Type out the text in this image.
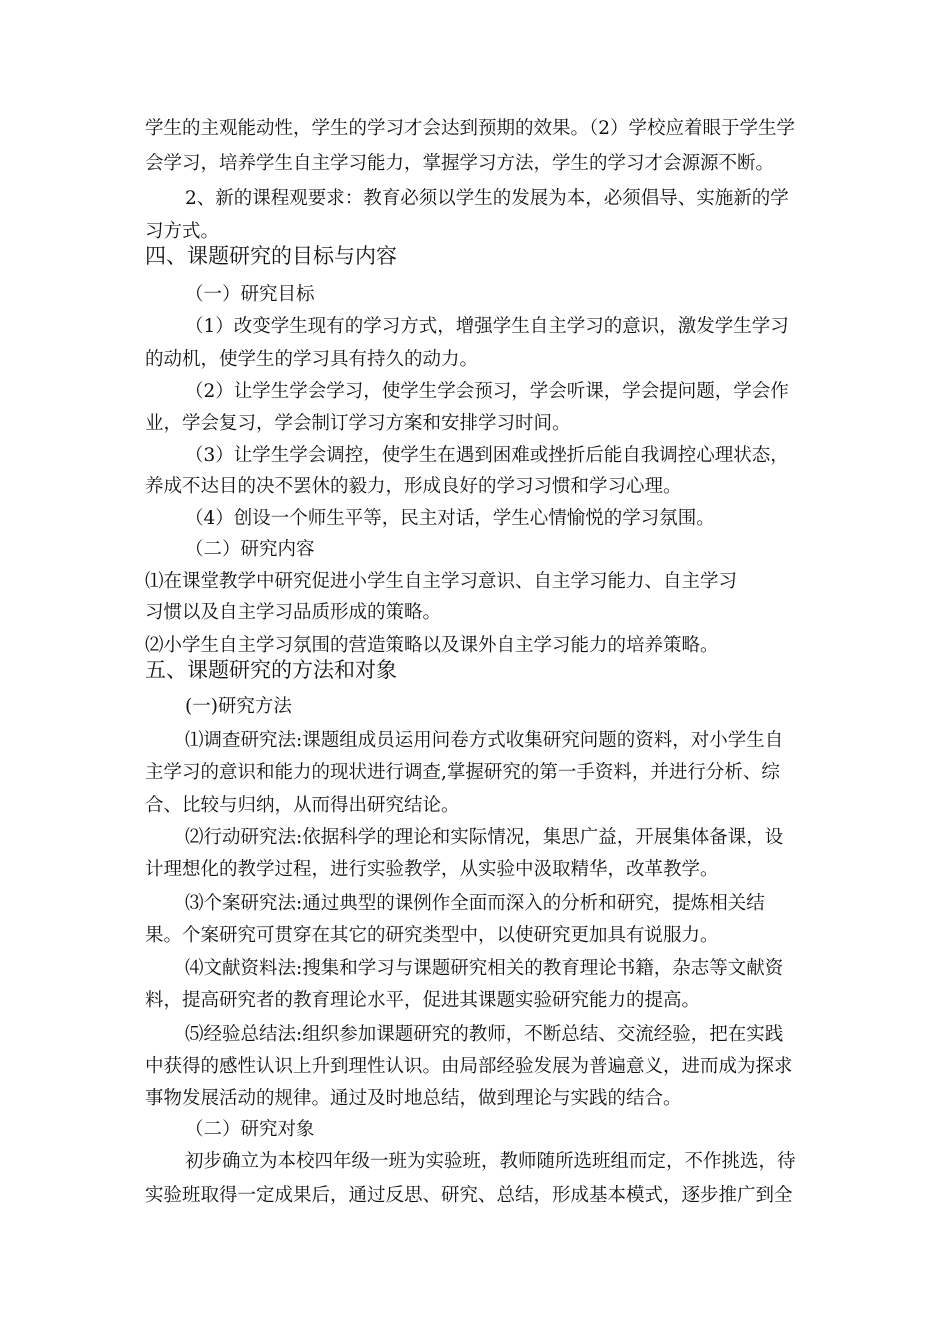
学生的主观能动性，学生的学习才会达到预期的效果。（2）学校应着眼于学生学
会学习，培养学生自主学习能力，掌握学习方法，学生的学习才会源源不断。
2、新的课程观要求：教育必须以学生的发展为本，必须倡导、实施新的学
习方式。
四、课题研究的目标与内容
（一）研究目标
（1）改变学生现有的学习方式，增强学生自主学习的意识，激发学生学习
的动机，使学生的学习具有持久的动力。
（2）让学生学会学习，使学生学会预习，学会听课，学会提问题，学会作
业，学会复习，学会制订学习方案和安排学习时间。
（3）让学生学会调控，使学生在遇到困难或挫折后能自我调控心理状态，
养成不达目的决不罢休的毅力，形成良好的学习习惯和学习心理。
（4）创设一个师生平等，民主对话，学生心情愉悦的学习氛围。
（二）研究内容
⑴在课堂教学中研究促进小学生自主学习意识、自主学习能力、自主学习
习惯以及自主学习品质形成的策略。
⑵小学生自主学习氛围的营造策略以及课外自主学习能力的培养策略。
五、课题研究的方法和对象
(一)研究方法
⑴调查研究法:课题组成员运用问卷方式收集研究问题的资料，对小学生自
主学习的意识和能力的现状进行调查,掌握研究的第一手资料，并进行分析、综
合、比较与归纳，从而得出研究结论。
⑵行动研究法:依据科学的理论和实际情况，集思广益，开展集体备课，设
计理想化的教学过程，进行实验教学，从实验中汲取精华，改革教学。
⑶个案研究法:通过典型的课例作全面而深入的分析和研究，提炼相关结
果。个案研究可贯穿在其它的研究类型中，以使研究更加具有说服力。
⑷文献资料法:搜集和学习与课题研究相关的教育理论书籍，杂志等文献资
料，提高研究者的教育理论水平，促进其课题实验研究能力的提高。
⑸经验总结法:组织参加课题研究的教师，不断总结、交流经验，把在实践
中获得的感性认识上升到理性认识。由局部经验发展为普遍意义，进而成为探求
事物发展活动的规律。通过及时地总结，做到理论与实践的结合。
（二）研究对象
初步确立为本校四年级一班为实验班，教师随所选班组而定，不作挑选，待
实验班取得一定成果后，通过反思、研究、总结，形成基本模式，逐步推广到全
